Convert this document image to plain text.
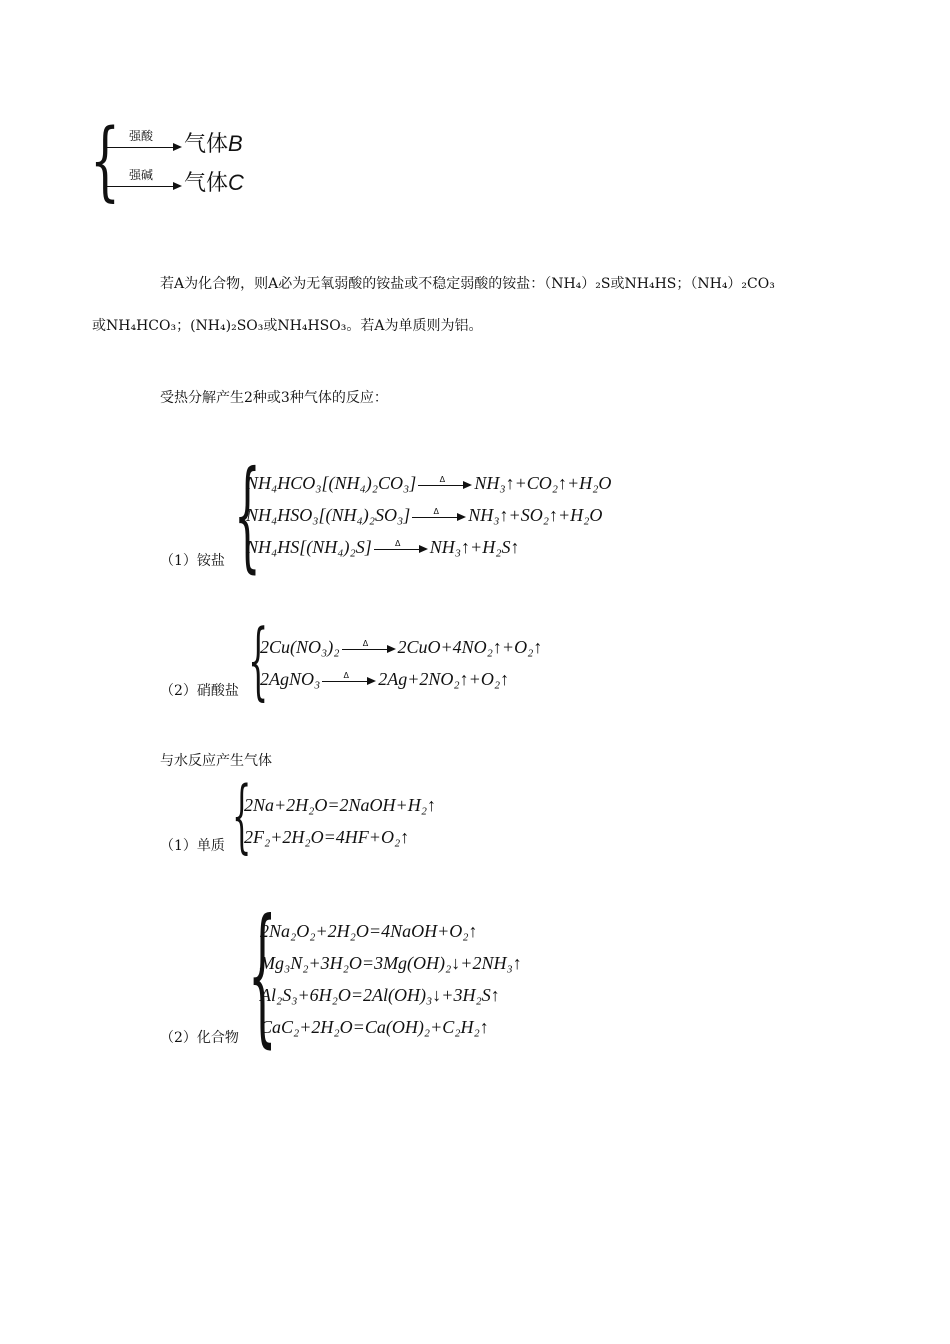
{ 强酸	气体B
强碱	气体C
若A为化合物，则A必为无氧弱酸的铵盐或不稳定弱酸的铵盐：（NH₄）₂S或NH₄HS；（NH₄）₂CO₃
或NH₄HCO₃；(NH₄)₂SO₃或NH₄HSO₃。若A为单质则为铝。
受热分解产生2种或3种气体的反应：
（1）铵盐 {
NH₄HCO₃[(NH₄)₂CO₃]	Δ	NH₃↑+CO₂↑+H₂O
NH₄HSO₃[(NH₄)₂SO₃]	Δ	NH₃↑+SO₂↑+H₂O
NH₄HS[(NH₄)₂S]	Δ	NH₃↑+H₂S↑
（2）硝酸盐 {
2Cu(NO₃)₂	Δ	2CuO+4NO₂↑+O₂↑
2AgNO₃	Δ	2Ag+2NO₂↑+O₂↑
与水反应产生气体
（1）单质 {
2Na+2H₂O=2NaOH+H₂↑
2F₂+2H₂O=4HF+O₂↑
（2）化合物 {
2Na₂O₂+2H₂O=4NaOH+O₂↑
Mg₃N₂+3H₂O=3Mg(OH)₂↓+2NH₃↑
Al₂S₃+6H₂O=2Al(OH)₃↓+3H₂S↑
CaC₂+2H₂O=Ca(OH)₂+C₂H₂↑
